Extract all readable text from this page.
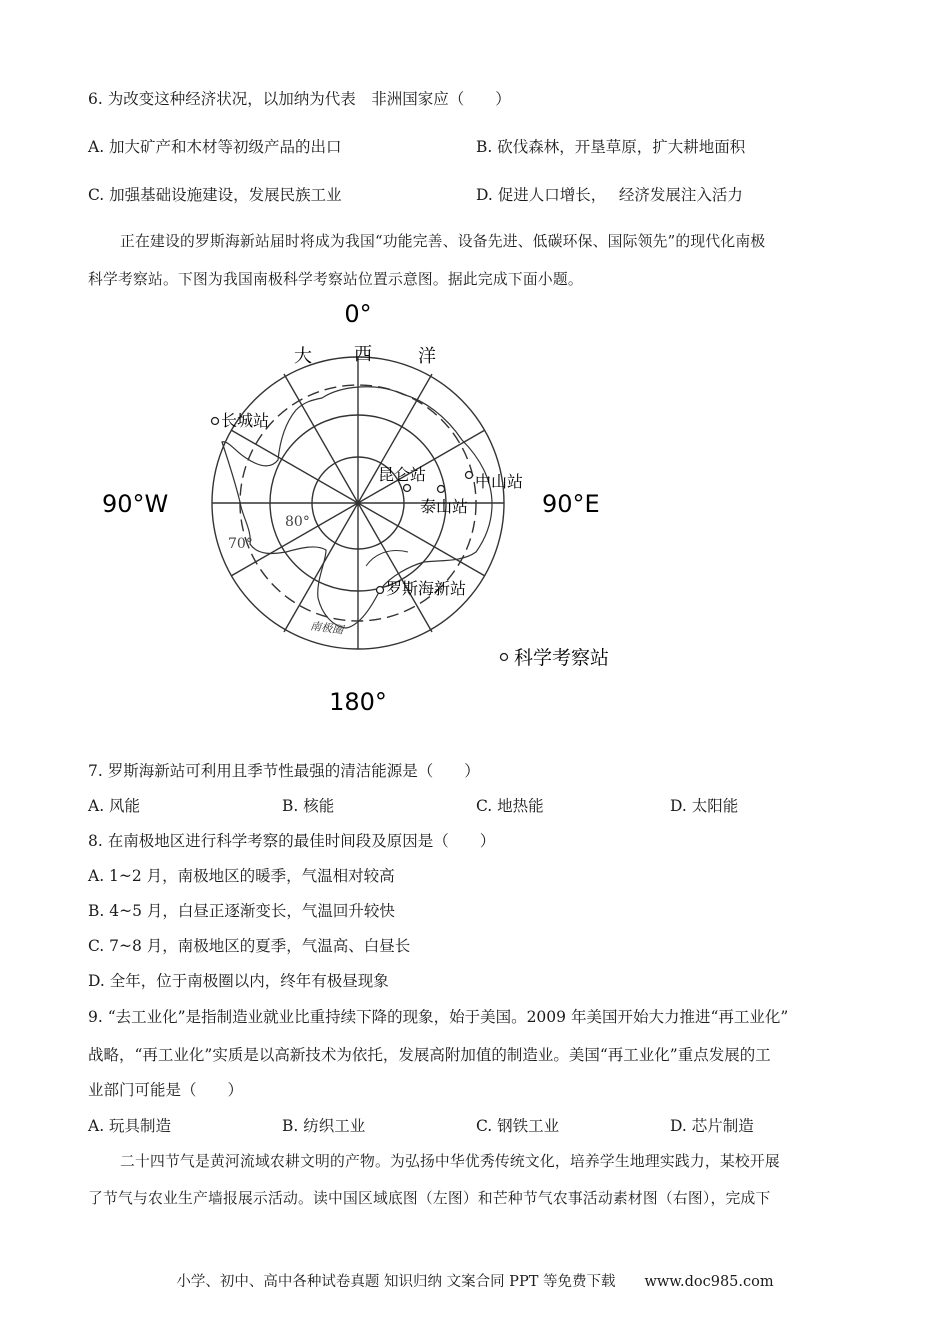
6. 为改变这种经济状况，以加纳为代表　非洲国家应（　　）
A. 加大矿产和木材等初级产品的出口	B. 砍伐森林，开垦草原，扩大耕地面积
C. 加强基础设施建设，发展民族工业	D. 促进人口增长，　 经济发展注入活力
正在建设的罗斯海新站届时将成为我国“功能完善、设备先进、低碳环保、国际领先”的现代化南极
科学考察站。下图为我国南极科学考察站位置示意图。据此完成下面小题。
0°
180°
90°W	90°E
大 西	洋
80°
70°
南极圈
长城站
昆仑站	中山站
泰山站
罗斯海新站
科学考察站
7. 罗斯海新站可利用且季节性最强的清洁能源是（　　）
A. 风能	B. 核能	C. 地热能	D. 太阳能
8. 在南极地区进行科学考察的最佳时间段及原因是（　　）
A. 1~2 月，南极地区的暖季，气温相对较高
B. 4~5 月，白昼正逐渐变长，气温回升较快
C. 7~8 月，南极地区的夏季，气温高、白昼长
D. 全年，位于南极圈以内，终年有极昼现象
9. “去工业化”是指制造业就业比重持续下降的现象，始于美国。2009 年美国开始大力推进“再工业化”
战略，“再工业化”实质是以高新技术为依托，发展高附加值的制造业。美国“再工业化”重点发展的工
业部门可能是（　　）
A. 玩具制造	B. 纺织工业	C. 钢铁工业	D. 芯片制造
二十四节气是黄河流域农耕文明的产物。为弘扬中华优秀传统文化，培养学生地理实践力，某校开展
了节气与农业生产墙报展示活动。读中国区域底图（左图）和芒种节气农事活动素材图（右图），完成下
小学、初中、高中各种试卷真题 知识归纳 文案合同 PPT 等免费下载　　www.doc985.com
